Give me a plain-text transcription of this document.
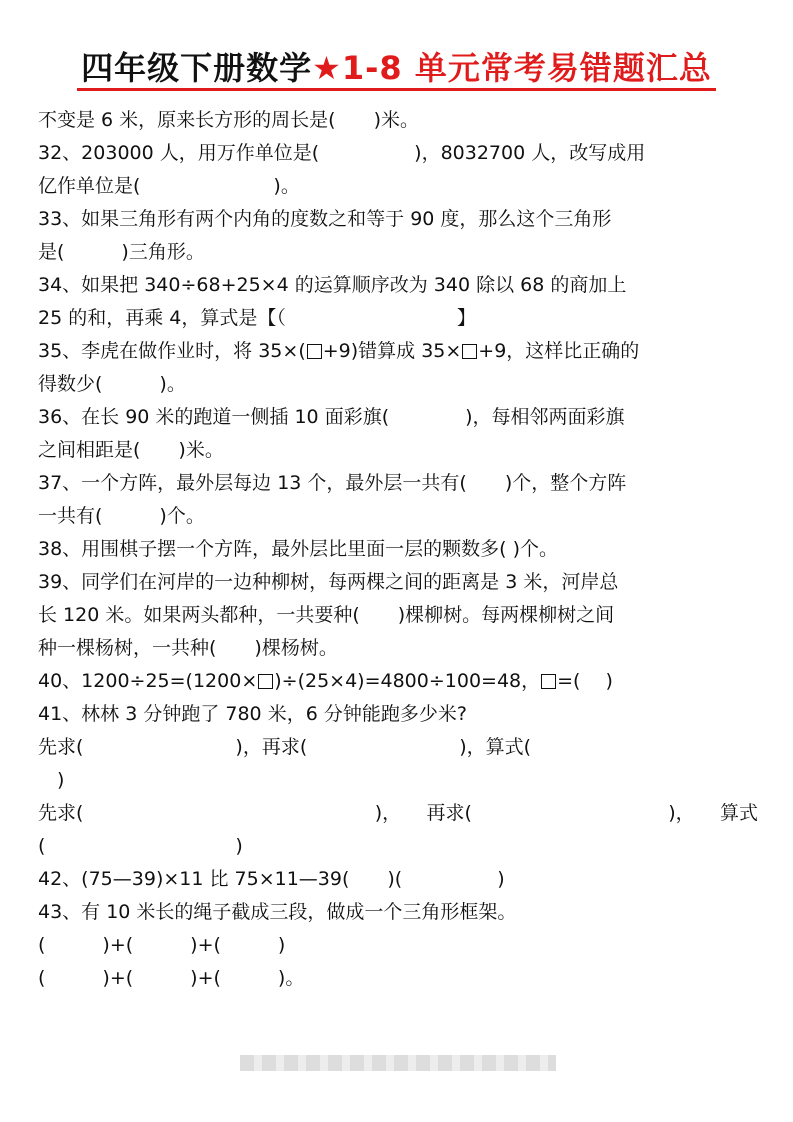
四年级下册数学★1-8 单元常考易错题汇总
不变是 6 米，原来长方形的周长是(　　)米。
32、203000 人，用万作单位是(　　　　　)，8032700 人，改写成用
亿作单位是(　　　　　　　)。
33、如果三角形有两个内角的度数之和等于 90 度，那么这个三角形
是(　　　)三角形。
34、如果把 340÷68+25×4 的运算顺序改为 340 除以 68 的商加上
25 的和，再乘 4，算式是【（　　　　　　　　　】
35、李虎在做作业时，将 35×( +9)错算成 35× +9，这样比正确的
得数少(　　　)。
36、在长 90 米的跑道一侧插 10 面彩旗(　　　　)，每相邻两面彩旗
之间相距是(　　)米。
37、一个方阵，最外层每边 13 个，最外层一共有(　　)个，整个方阵
一共有(　　　)个。
38、用围棋子摆一个方阵，最外层比里面一层的颗数多( )个。
39、同学们在河岸的一边种柳树，每两棵之间的距离是 3 米，河岸总
长 120 米。如果两头都种，一共要种(　　)棵柳树。每两棵柳树之间
种一棵杨树，一共种(　　)棵杨树。
40、1200÷25=(1200× )÷(25×4)=4800÷100=48， =(　 )
41、林林 3 分钟跑了 780 米，6 分钟能跑多少米?
先求(　　　　　　　　)，再求(　　　　　　　　)，算式(
　)
先求( 　　　　　　　　　　　　　　)， 再求( 　　　　　　　　　)， 算式
(　　　　　　　　　　)
42、(75—39)×11 比 75×11—39(　　)(　　　　　)
43、有 10 米长的绳子截成三段，做成一个三角形框架。
(　　　)+(　　　)+(　　　)
(　　　)+(　　　)+(　　　)。
